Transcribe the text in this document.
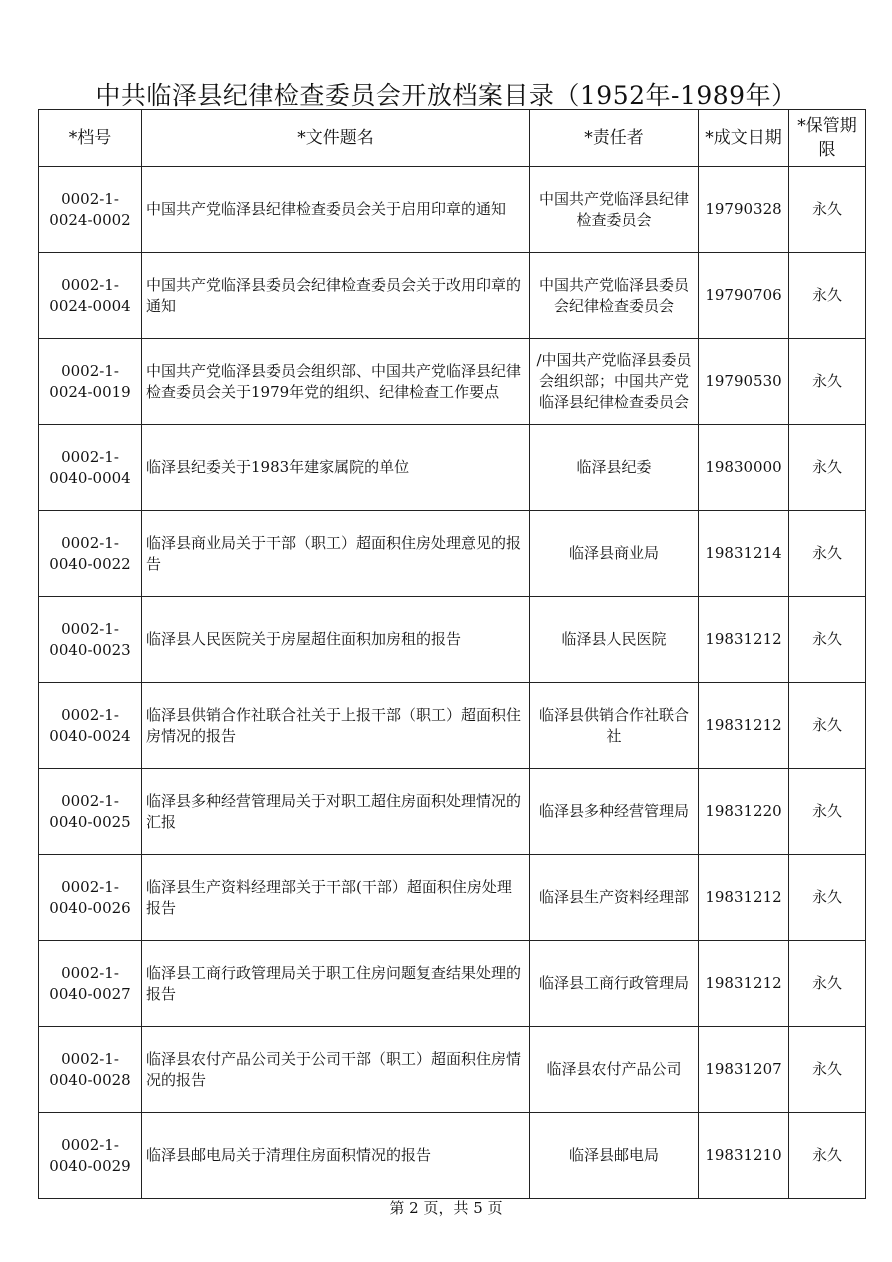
中共临泽县纪律检查委员会开放档案目录（1952年-1989年）
*档号	*文件题名	*责任者	*成文日期	*保管期限
0002-1-0024-0002	中国共产党临泽县纪律检查委员会关于启用印章的通知	中国共产党临泽县纪律检查委员会	19790328	永久
0002-1-0024-0004	中国共产党临泽县委员会纪律检查委员会关于改用印章的通知	中国共产党临泽县委员会纪律检查委员会	19790706	永久
0002-1-0024-0019	中国共产党临泽县委员会组织部、中国共产党临泽县纪律检查委员会关于1979年党的组织、纪律检查工作要点	/中国共产党临泽县委员会组织部；中国共产党临泽县纪律检查委员会	19790530	永久
0002-1-0040-0004	临泽县纪委关于1983年建家属院的单位	临泽县纪委	19830000	永久
0002-1-0040-0022	临泽县商业局关于干部（职工）超面积住房处理意见的报告	临泽县商业局	19831214	永久
0002-1-0040-0023	临泽县人民医院关于房屋超住面积加房租的报告	临泽县人民医院	19831212	永久
0002-1-0040-0024	临泽县供销合作社联合社关于上报干部（职工）超面积住房情况的报告	临泽县供销合作社联合社	19831212	永久
0002-1-0040-0025	临泽县多种经营管理局关于对职工超住房面积处理情况的汇报	临泽县多种经营管理局	19831220	永久
0002-1-0040-0026	临泽县生产资料经理部关于干部(干部）超面积住房处理报告	临泽县生产资料经理部	19831212	永久
0002-1-0040-0027	临泽县工商行政管理局关于职工住房问题复查结果处理的报告	临泽县工商行政管理局	19831212	永久
0002-1-0040-0028	临泽县农付产品公司关于公司干部（职工）超面积住房情况的报告	临泽县农付产品公司	19831207	永久
0002-1-0040-0029	临泽县邮电局关于清理住房面积情况的报告	临泽县邮电局	19831210	永久
第 2 页，共 5 页
